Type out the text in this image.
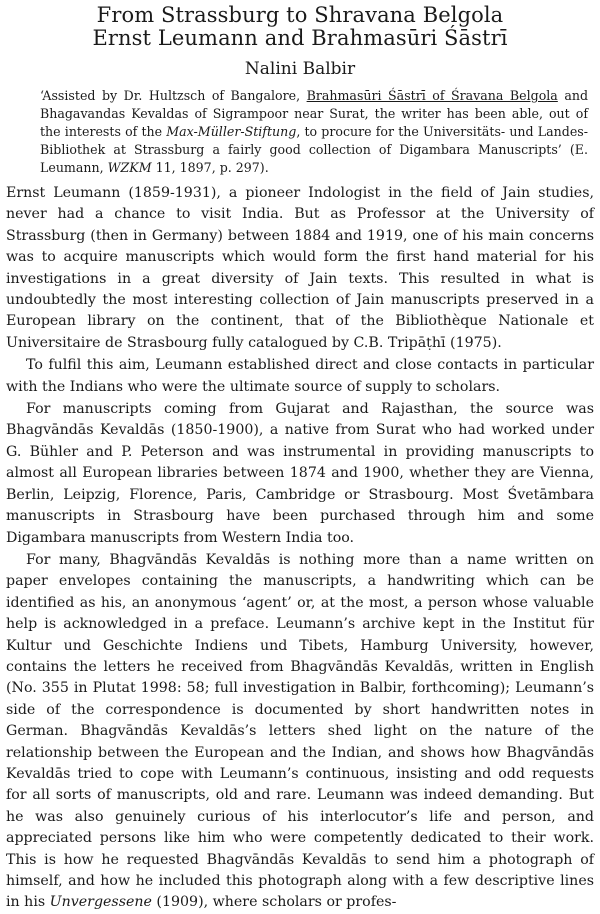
From Strassburg to Shravana Belgola
Ernst Leumann and Brahmasūri Śāstrī
Nalini Balbir
‘Assisted by Dr. Hultzsch of Bangalore, Brahmasūri Śāstrī of Śravana Belgola and Bhagavandas Kevaldas of Sigrampoor near Surat, the writer has been able, out of the interests of the Max-Müller-Stiftung, to procure for the Universitäts- und Landes-Bibliothek at Strassburg a fairly good collection of Digambara Manuscripts’ (E. Leumann, WZKM 11, 1897, p. 297).

Ernst Leumann (1859-1931), a pioneer Indologist in the field of Jain studies, never had a chance to visit India. But as Professor at the University of Strassburg (then in Germany) between 1884 and 1919, one of his main concerns was to acquire manuscripts which would form the first hand material for his investigations in a great diversity of Jain texts. This resulted in what is undoubtedly the most interesting collection of Jain manuscripts preserved in a European library on the continent, that of the Bibliothèque Nationale et Universitaire de Strasbourg fully catalogued by C.B. Tripāṭhī (1975).

To fulfil this aim, Leumann established direct and close contacts in particular with the Indians who were the ultimate source of supply to scholars.

For manuscripts coming from Gujarat and Rajasthan, the source was Bhagvāndās Kevaldās (1850-1900), a native from Surat who had worked under G. Bühler and P. Peterson and was instrumental in providing manuscripts to almost all European libraries between 1874 and 1900, whether they are Vienna, Berlin, Leipzig, Florence, Paris, Cambridge or Strasbourg. Most Śvetāmbara manuscripts in Strasbourg have been purchased through him and some Digambara manuscripts from Western India too.

For many, Bhagvāndās Kevaldās is nothing more than a name written on paper envelopes containing the manuscripts, a handwriting which can be identified as his, an anonymous ‘agent’ or, at the most, a person whose valuable help is acknowledged in a preface. Leumann’s archive kept in the Institut für Kultur und Geschichte Indiens und Tibets, Hamburg University, however, contains the letters he received from Bhagvāndās Kevaldās, written in English (No. 355 in Plutat 1998: 58; full investigation in Balbir, forthcoming); Leumann’s side of the correspondence is documented by short handwritten notes in German. Bhagvāndās Kevaldās’s letters shed light on the nature of the relationship between the European and the Indian, and shows how Bhagvāndās Kevaldās tried to cope with Leumann’s continuous, insisting and odd requests for all sorts of manuscripts, old and rare. Leumann was indeed demanding. But he was also genuinely curious of his interlocutor’s life and person, and appreciated persons like him who were competently dedicated to their work. This is how he requested Bhagvāndās Kevaldās to send him a photograph of himself, and how he included this photograph along with a few descriptive lines in his Unvergessene (1909), where scholars or profes-
